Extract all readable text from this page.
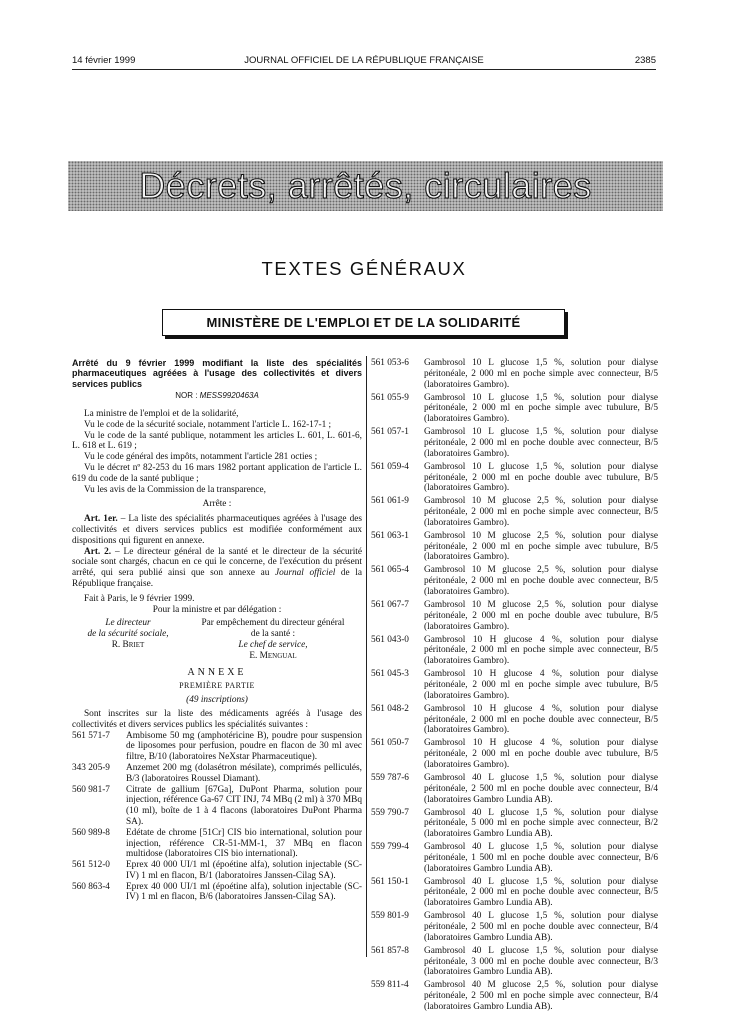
14 février 1999	JOURNAL OFFICIEL DE LA RÉPUBLIQUE FRANÇAISE	2385
Décrets, arrêtés, circulaires
TEXTES GÉNÉRAUX
MINISTÈRE DE L'EMPLOI ET DE LA SOLIDARITÉ
Arrêté du 9 février 1999 modifiant la liste des spécialités pharmaceutiques agréées à l'usage des collectivités et divers services publics
NOR : MESS9920463A
La ministre de l'emploi et de la solidarité,
Vu le code de la sécurité sociale, notamment l'article L. 162-17-1 ;
Vu le code de la santé publique, notamment les articles L. 601, L. 601-6, L. 618 et L. 619 ;
Vu le code général des impôts, notamment l'article 281 octies ;
Vu le décret nº 82-253 du 16 mars 1982 portant application de l'article L. 619 du code de la santé publique ;
Vu les avis de la Commission de la transparence,
Arrête :
Art. 1er. – La liste des spécialités pharmaceutiques agréées à l'usage des collectivités et divers services publics est modifiée conformément aux dispositions qui figurent en annexe.
Art. 2. – Le directeur général de la santé et le directeur de la sécurité sociale sont chargés, chacun en ce qui le concerne, de l'exécution du présent arrêté, qui sera publié ainsi que son annexe au Journal officiel de la République française.
Fait à Paris, le 9 février 1999.
Pour la ministre et par délégation :
Le directeur
de la sécurité sociale,
R. Briet
Par empêchement du directeur général
de la santé :
Le chef de service,
E. Mengual
ANNEXE
PREMIÈRE PARTIE
(49 inscriptions)
Sont inscrites sur la liste des médicaments agréés à l'usage des collectivités et divers services publics les spécialités suivantes :
561 571-7	Ambisome 50 mg (amphotéricine B), poudre pour suspension de liposomes pour perfusion, poudre en flacon de 30 ml avec filtre, B/10 (laboratoires NeXstar Pharmaceutique).
343 205-9	Anzemet 200 mg (dolasétron mésilate), comprimés pelliculés, B/3 (laboratoires Roussel Diamant).
560 981-7	Citrate de gallium [67Ga], DuPont Pharma, solution pour injection, référence Ga-67 CIT INJ, 74 MBq (2 ml) à 370 MBq (10 ml), boîte de 1 à 4 flacons (laboratoires DuPont Pharma SA).
560 989-8	Edétate de chrome [51Cr] CIS bio international, solution pour injection, référence CR-51-MM-1, 37 MBq en flacon multidose (laboratoires CIS bio international).
561 512-0	Eprex 40 000 UI/1 ml (époétine alfa), solution injectable (SC-IV) 1 ml en flacon, B/1 (laboratoires Janssen-Cilag SA).
560 863-4	Eprex 40 000 UI/1 ml (époétine alfa), solution injectable (SC-IV) 1 ml en flacon, B/6 (laboratoires Janssen-Cilag SA).
561 053-6	Gambrosol 10 L glucose 1,5 %, solution pour dialyse péritonéale, 2 000 ml en poche simple avec connecteur, B/5 (laboratoires Gambro).
561 055-9	Gambrosol 10 L glucose 1,5 %, solution pour dialyse péritonéale, 2 000 ml en poche simple avec tubulure, B/5 (laboratoires Gambro).
561 057-1	Gambrosol 10 L glucose 1,5 %, solution pour dialyse péritonéale, 2 000 ml en poche double avec connecteur, B/5 (laboratoires Gambro).
561 059-4	Gambrosol 10 L glucose 1,5 %, solution pour dialyse péritonéale, 2 000 ml en poche double avec tubulure, B/5 (laboratoires Gambro).
561 061-9	Gambrosol 10 M glucose 2,5 %, solution pour dialyse péritonéale, 2 000 ml en poche simple avec connecteur, B/5 (laboratoires Gambro).
561 063-1	Gambrosol 10 M glucose 2,5 %, solution pour dialyse péritonéale, 2 000 ml en poche simple avec tubulure, B/5 (laboratoires Gambro).
561 065-4	Gambrosol 10 M glucose 2,5 %, solution pour dialyse péritonéale, 2 000 ml en poche double avec connecteur, B/5 (laboratoires Gambro).
561 067-7	Gambrosol 10 M glucose 2,5 %, solution pour dialyse péritonéale, 2 000 ml en poche double avec tubulure, B/5 (laboratoires Gambro).
561 043-0	Gambrosol 10 H glucose 4 %, solution pour dialyse péritonéale, 2 000 ml en poche simple avec connecteur, B/5 (laboratoires Gambro).
561 045-3	Gambrosol 10 H glucose 4 %, solution pour dialyse péritonéale, 2 000 ml en poche simple avec tubulure, B/5 (laboratoires Gambro).
561 048-2	Gambrosol 10 H glucose 4 %, solution pour dialyse péritonéale, 2 000 ml en poche double avec connecteur, B/5 (laboratoires Gambro).
561 050-7	Gambrosol 10 H glucose 4 %, solution pour dialyse péritonéale, 2 000 ml en poche double avec tubulure, B/5 (laboratoires Gambro).
559 787-6	Gambrosol 40 L glucose 1,5 %, solution pour dialyse péritonéale, 2 500 ml en poche double avec connecteur, B/4 (laboratoires Gambro Lundia AB).
559 790-7	Gambrosol 40 L glucose 1,5 %, solution pour dialyse péritonéale, 5 000 ml en poche simple avec connecteur, B/2 (laboratoires Gambro Lundia AB).
559 799-4	Gambrosol 40 L glucose 1,5 %, solution pour dialyse péritonéale, 1 500 ml en poche double avec connecteur, B/6 (laboratoires Gambro Lundia AB).
561 150-1	Gambrosol 40 L glucose 1,5 %, solution pour dialyse péritonéale, 2 000 ml en poche double avec connecteur, B/5 (laboratoires Gambro Lundia AB).
559 801-9	Gambrosol 40 L glucose 1,5 %, solution pour dialyse péritonéale, 2 500 ml en poche double avec connecteur, B/4 (laboratoires Gambro Lundia AB).
561 857-8	Gambrosol 40 L glucose 1,5 %, solution pour dialyse péritonéale, 3 000 ml en poche double avec connecteur, B/3 (laboratoires Gambro Lundia AB).
559 811-4	Gambrosol 40 M glucose 2,5 %, solution pour dialyse péritonéale, 2 500 ml en poche simple avec connecteur, B/4 (laboratoires Gambro Lundia AB).
